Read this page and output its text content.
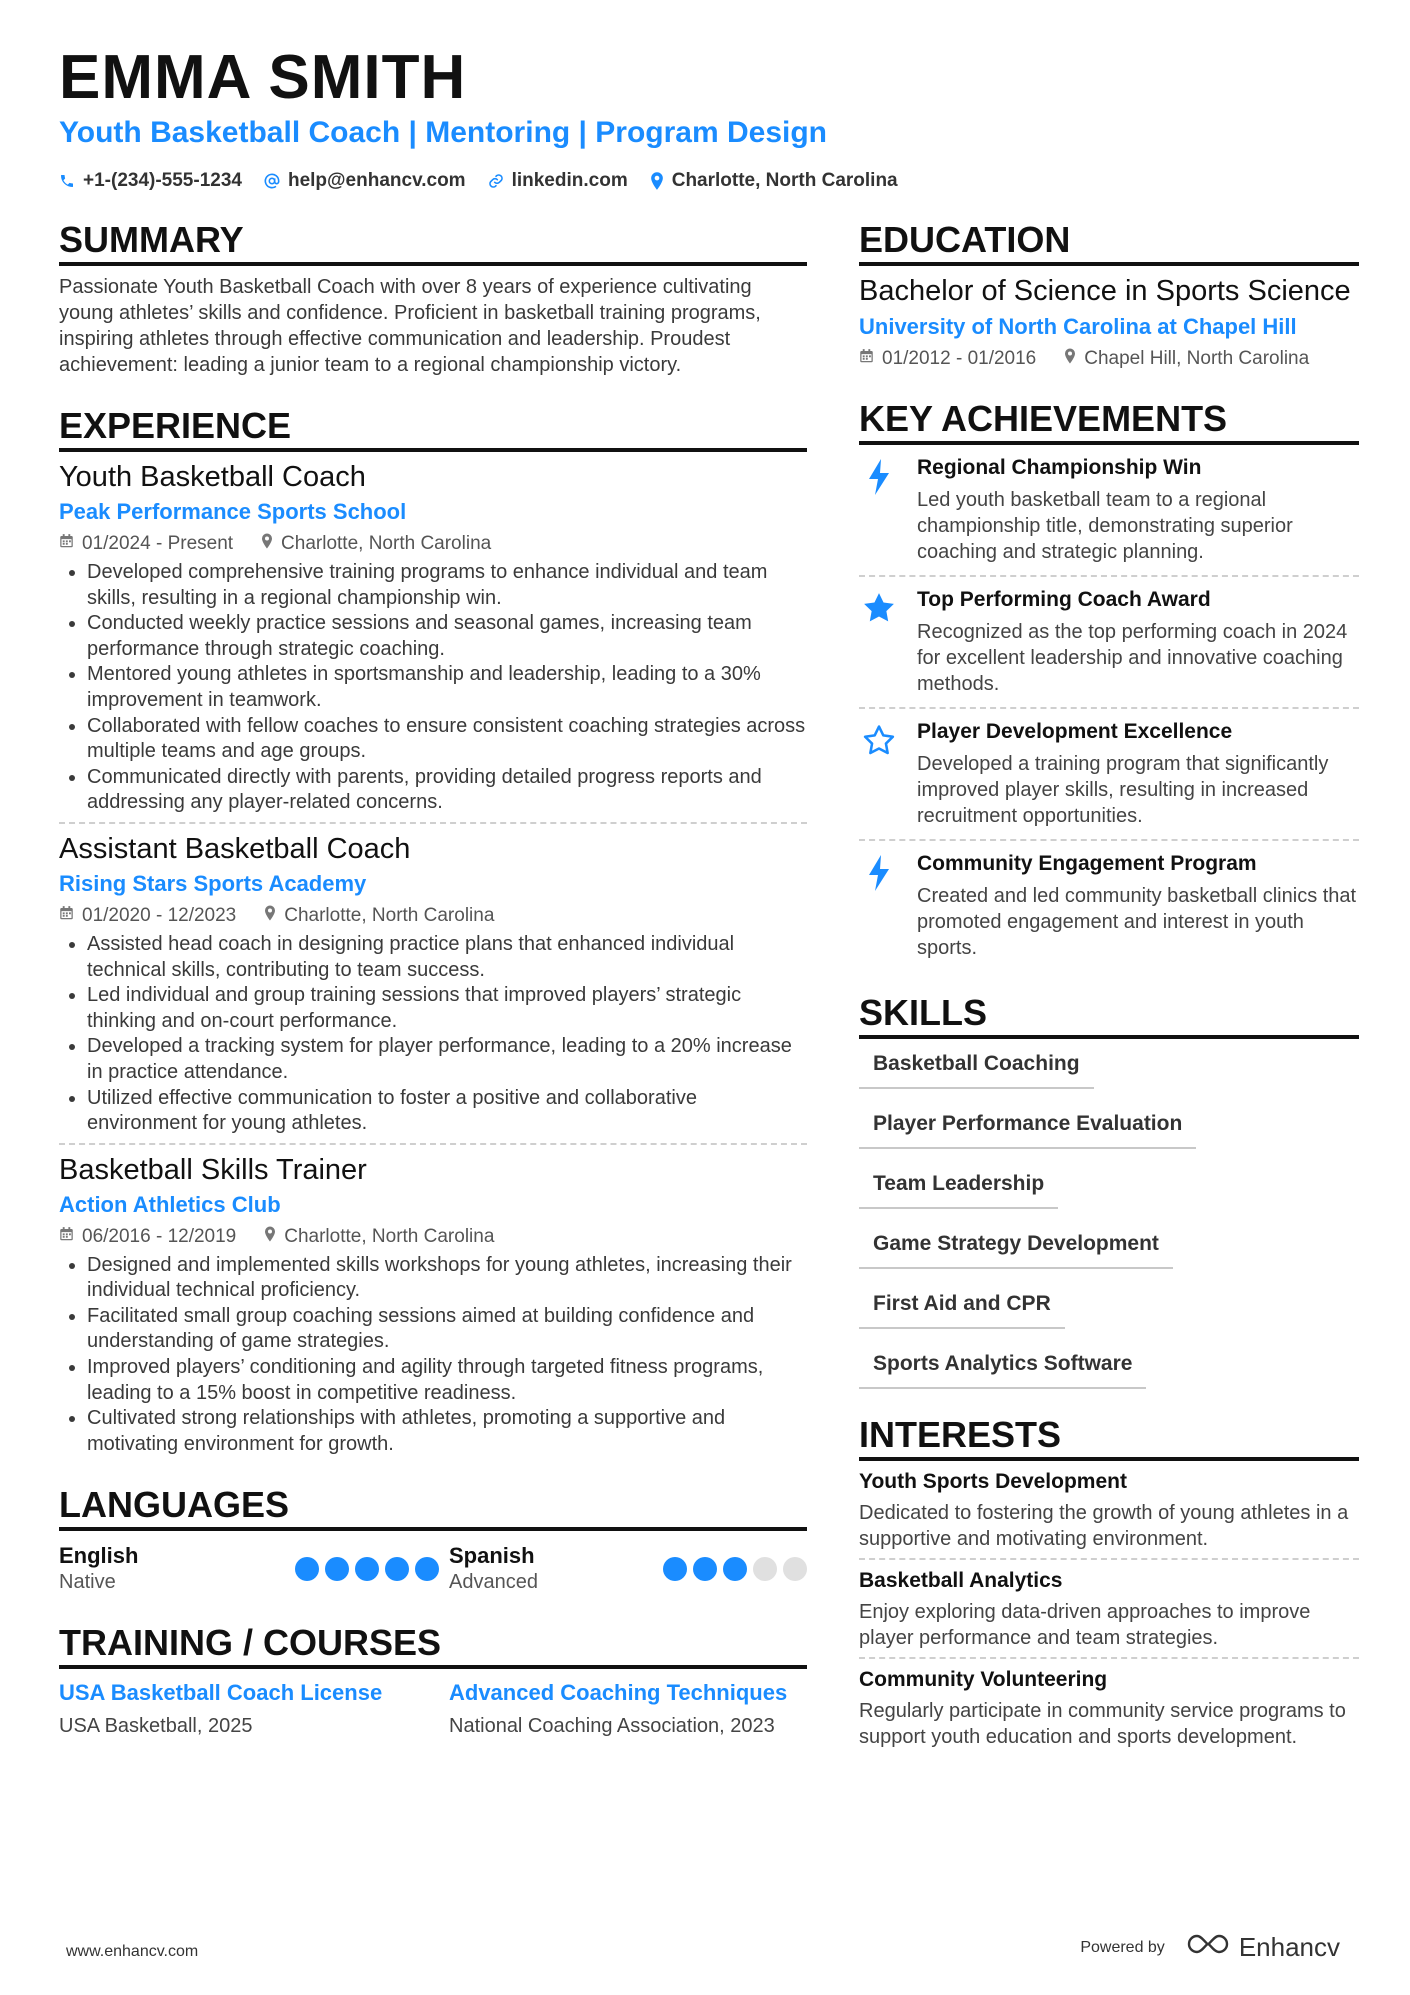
EMMA SMITH
Youth Basketball Coach | Mentoring | Program Design
+1-(234)-555-1234 help@enhancv.com linkedin.com Charlotte, North Carolina
SUMMARY

Passionate Youth Basketball Coach with over 8 years of experience cultivating young athletes’ skills and confidence. Proficient in basketball training programs, inspiring athletes through effective communication and leadership. Proudest achievement: leading a junior team to a regional championship victory.

EXPERIENCE
Youth Basketball Coach
Peak Performance Sports School
01/2024 - Present	Charlotte, North Carolina
• Developed comprehensive training programs to enhance individual and team skills, resulting in a regional championship win.
• Conducted weekly practice sessions and seasonal games, increasing team performance through strategic coaching.
• Mentored young athletes in sportsmanship and leadership, leading to a 30% improvement in teamwork.
• Collaborated with fellow coaches to ensure consistent coaching strategies across multiple teams and age groups.
• Communicated directly with parents, providing detailed progress reports and addressing any player-related concerns.
Assistant Basketball Coach
Rising Stars Sports Academy
01/2020 - 12/2023	Charlotte, North Carolina
• Assisted head coach in designing practice plans that enhanced individual technical skills, contributing to team success.
• Led individual and group training sessions that improved players’ strategic thinking and on-court performance.
• Developed a tracking system for player performance, leading to a 20% increase in practice attendance.
• Utilized effective communication to foster a positive and collaborative environment for young athletes.
Basketball Skills Trainer
Action Athletics Club
06/2016 - 12/2019	Charlotte, North Carolina
• Designed and implemented skills workshops for young athletes, increasing their individual technical proficiency.
• Facilitated small group coaching sessions aimed at building confidence and understanding of game strategies.
• Improved players’ conditioning and agility through targeted fitness programs, leading to a 15% boost in competitive readiness.
• Cultivated strong relationships with athletes, promoting a supportive and motivating environment for growth.
LANGUAGES
English
Native
Spanish
Advanced
TRAINING / COURSES
USA Basketball Coach License
USA Basketball, 2025
Advanced Coaching Techniques
National Coaching Association, 2023
EDUCATION
Bachelor of Science in Sports Science
University of North Carolina at Chapel Hill
01/2012 - 01/2016	Chapel Hill, North Carolina
KEY ACHIEVEMENTS
Regional Championship Win
Led youth basketball team to a regional championship title, demonstrating superior coaching and strategic planning.
Top Performing Coach Award
Recognized as the top performing coach in 2024 for excellent leadership and innovative coaching methods.
Player Development Excellence
Developed a training program that significantly improved player skills, resulting in increased recruitment opportunities.
Community Engagement Program
Created and led community basketball clinics that promoted engagement and interest in youth sports.
SKILLS
Basketball Coaching
Player Performance Evaluation
Team Leadership
Game Strategy Development
First Aid and CPR
Sports Analytics Software
INTERESTS
Youth Sports Development
Dedicated to fostering the growth of young athletes in a supportive and motivating environment.
Basketball Analytics
Enjoy exploring data-driven approaches to improve player performance and team strategies.
Community Volunteering
Regularly participate in community service programs to support youth education and sports development.
www.enhancv.com	Powered by	Enhancv
